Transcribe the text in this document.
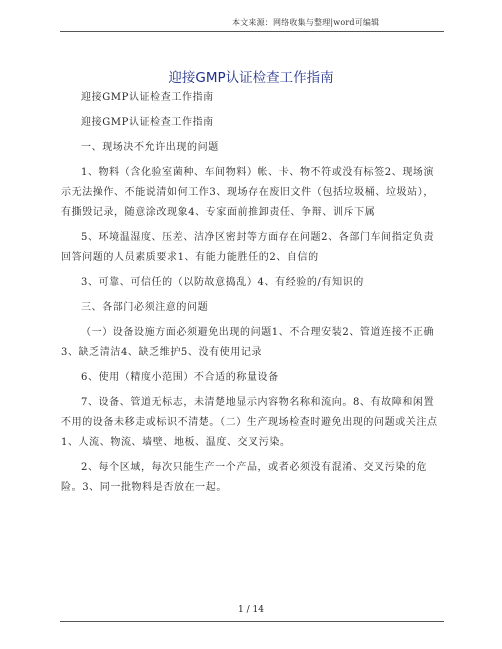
本文来源：网络收集与整理|word可编辑
迎接GMP认证检查工作指南

迎接GMP认证检查工作指南

迎接GMP认证检查工作指南

一、现场决不允许出现的问题

1、物料（含化验室菌种、车间物料）帐、卡、物不符或没有标签2、现场演示无法操作、不能说清如何工作3、现场存在废旧文件（包括垃圾桶、垃圾站），有撕毁记录，随意涂改现象4、专家面前推卸责任、争辩、训斥下属

5、环境温湿度、压差、洁净区密封等方面存在问题2、各部门车间指定负责回答问题的人员素质要求1、有能力能胜任的2、自信的

3、可靠、可信任的（以防故意捣乱）4、有经验的/有知识的

三、各部门必须注意的问题

（一）设备设施方面必须避免出现的问题1、不合理安装2、管道连接不正确3、缺乏清洁4、缺乏维护5、没有使用记录

6、使用（精度小范围）不合适的称量设备

7、设备、管道无标志，未清楚地显示内容物名称和流向。8、有故障和闲置不用的设备未移走或标识不清楚。（二）生产现场检查时避免出现的问题或关注点1、人流、物流、墙壁、地板、温度、交叉污染。

2、每个区域，每次只能生产一个产品，或者必须没有混淆、交叉污染的危险。3、同一批物料是否放在一起。

1 / 14
